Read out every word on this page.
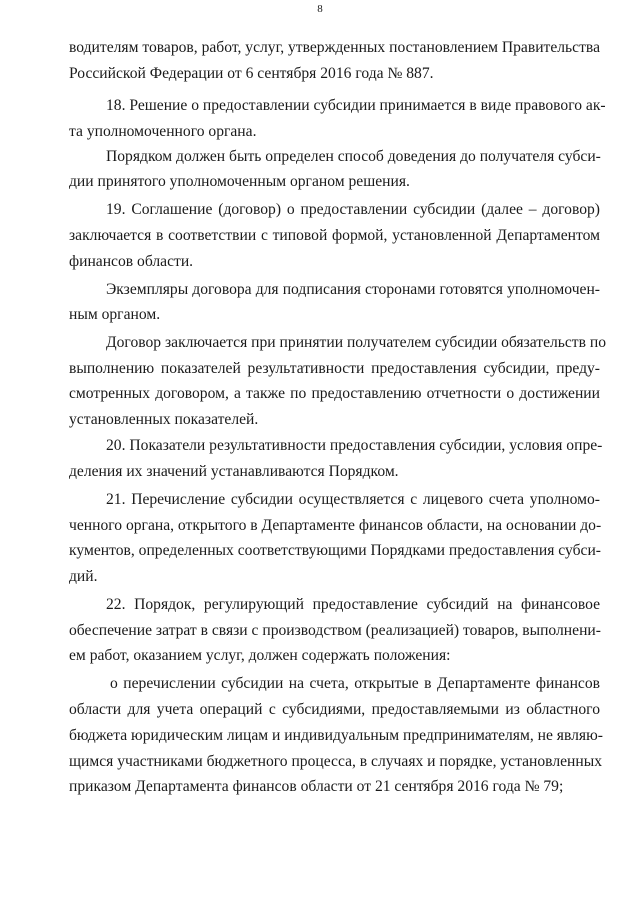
8
водителям товаров, работ, услуг, утвержденных постановлением Правительства
Российской Федерации от 6 сентября 2016 года № 887.
18. Решение о предоставлении субсидии принимается в виде правового ак-
та уполномоченного органа.
Порядком должен быть определен способ доведения до получателя субси-
дии принятого уполномоченным органом решения.
19. Соглашение (договор) о предоставлении субсидии (далее – договор)
заключается в соответствии с типовой формой, установленной Департаментом
финансов области.
Экземпляры договора для подписания сторонами готовятся уполномочен-
ным органом.
Договор заключается при принятии получателем субсидии обязательств по
выполнению показателей результативности предоставления субсидии, преду-
смотренных договором, а также по предоставлению отчетности о достижении
установленных показателей.
20. Показатели результативности предоставления субсидии, условия опре-
деления их значений устанавливаются Порядком.
21. Перечисление субсидии осуществляется с лицевого счета уполномо-
ченного органа, открытого в Департаменте финансов области, на основании до-
кументов, определенных соответствующими Порядками предоставления субси-
дий.
22. Порядок, регулирующий предоставление субсидий на финансовое
обеспечение затрат в связи с производством (реализацией) товаров, выполнени-
ем работ, оказанием услуг, должен содержать положения:
о перечислении субсидии на счета, открытые в Департаменте финансов
области для учета операций с субсидиями, предоставляемыми из областного
бюджета юридическим лицам и индивидуальным предпринимателям, не являю-
щимся участниками бюджетного процесса, в случаях и порядке, установленных
приказом Департамента финансов области от 21 сентября 2016 года № 79;
